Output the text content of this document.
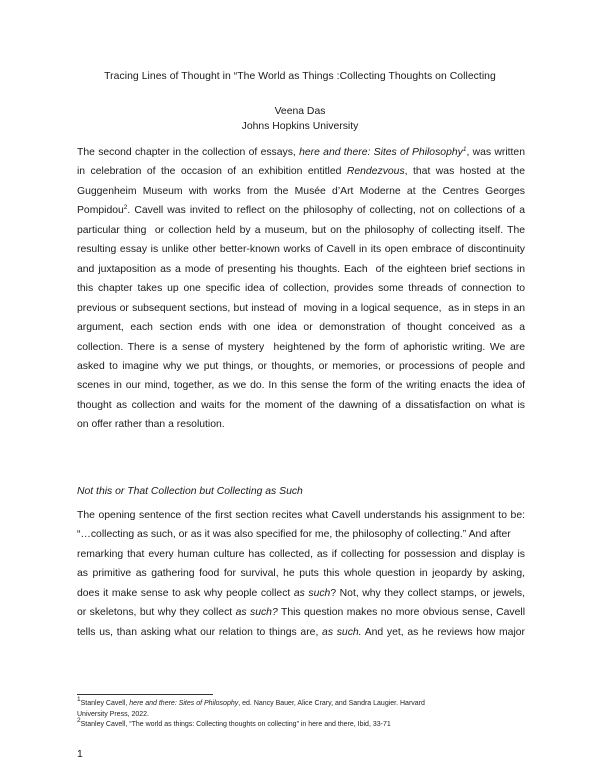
Tracing Lines of Thought in “The World as Things :Collecting Thoughts on Collecting
Veena Das
Johns Hopkins University
The second chapter in the collection of essays, here and there: Sites of Philosophy$^1$, was written
in celebration of the occasion of an exhibition entitled Rendezvous, that was hosted at the
Guggenheim Museum with works from the Musée d’Art Moderne at the Centres Georges
Pompidou$^2$. Cavell was invited to reflect on the philosophy of collecting, not on collections of a
particular thing  or collection held by a museum, but on the philosophy of collecting itself. The
resulting essay is unlike other better-known works of Cavell in its open embrace of discontinuity
and juxtaposition as a mode of presenting his thoughts. Each  of the eighteen brief sections in
this chapter takes up one specific idea of collection, provides some threads of connection to
previous or subsequent sections, but instead of  moving in a logical sequence,  as in steps in an
argument, each section ends with one idea or demonstration of thought conceived as a
collection. There is a sense of mystery  heightened by the form of aphoristic writing. We are
asked to imagine why we put things, or thoughts, or memories, or processions of people and
scenes in our mind, together, as we do. In this sense the form of the writing enacts the idea of
thought as collection and waits for the moment of the dawning of a dissatisfaction on what is
on offer rather than a resolution.
Not this or That Collection but Collecting as Such
The opening sentence of the first section recites what Cavell understands his assignment to be:
“…collecting as such, or as it was also specified for me, the philosophy of collecting.” And after
remarking that every human culture has collected, as if collecting for possession and display is
as primitive as gathering food for survival, he puts this whole question in jeopardy by asking,
does it make sense to ask why people collect as such? Not, why they collect stamps, or jewels,
or skeletons, but why they collect as such? This question makes no more obvious sense, Cavell
tells us, than asking what our relation to things are, as such. And yet, as he reviews how major
$^1$Stanley Cavell, here and there: Sites of Philosophy, ed. Nancy Bauer, Alice Crary, and Sandra Laugier. Harvard
University Press, 2022.
$^2$Stanley Cavell, “The world as things: Collecting thoughts on collecting” in here and there, Ibid, 33-71
1
